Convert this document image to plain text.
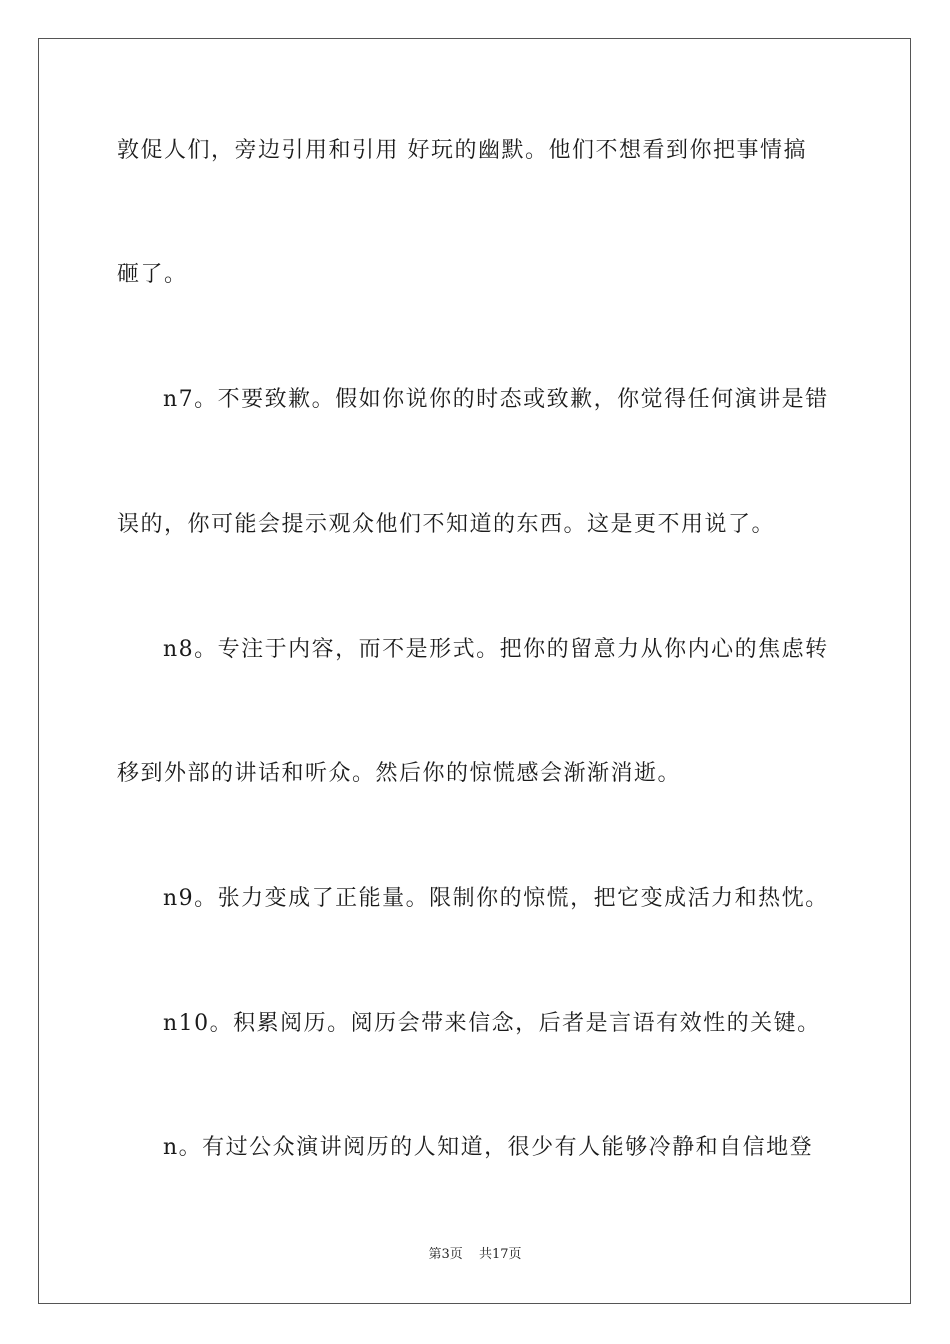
敦促人们，旁边引用和引用 好玩的幽默。他们不想看到你把事情搞
砸了。
n7。不要致歉。假如你说你的时态或致歉，你觉得任何演讲是错
误的，你可能会提示观众他们不知道的东西。这是更不用说了。
n8。专注于内容，而不是形式。把你的留意力从你内心的焦虑转
移到外部的讲话和听众。然后你的惊慌感会渐渐消逝。
n9。张力变成了正能量。限制你的惊慌，把它变成活力和热忱。
n10。积累阅历。阅历会带来信念，后者是言语有效性的关键。
n。有过公众演讲阅历的人知道，很少有人能够冷静和自信地登
第3页 共17页
